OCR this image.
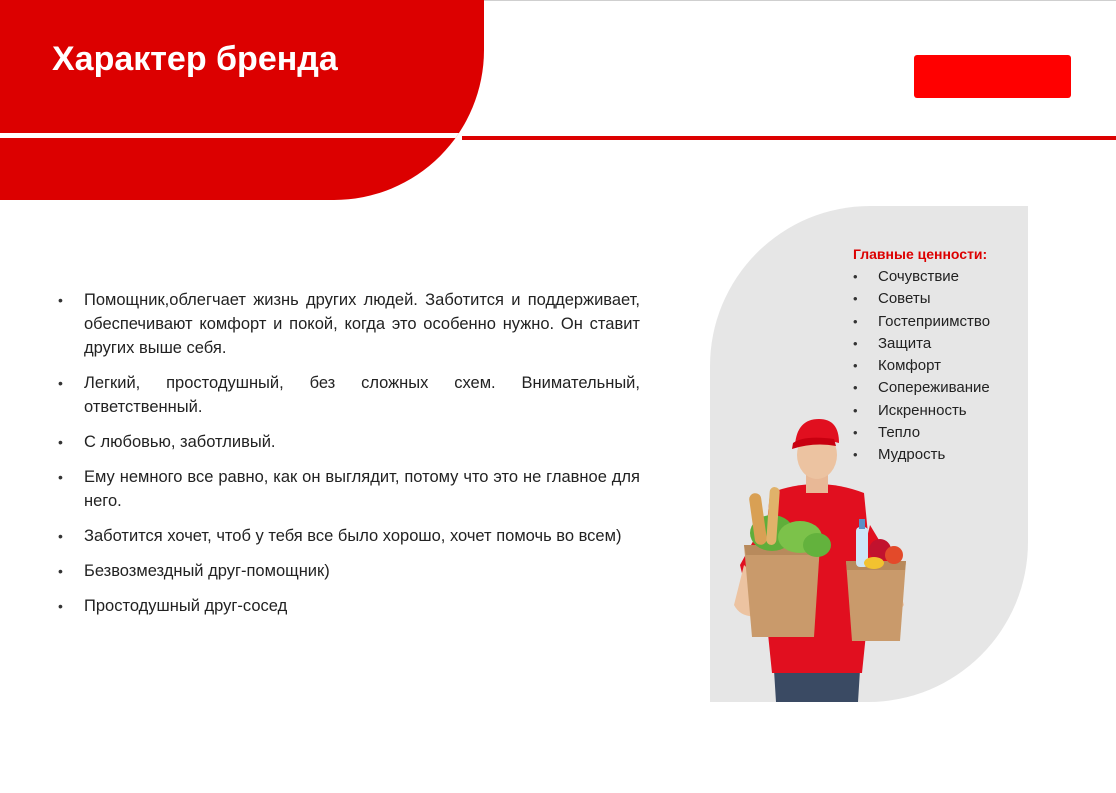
Характер бренда
• Помощник,облегчает жизнь других людей. Заботится и поддерживает, обеспечивают комфорт и покой, когда это особенно нужно. Он ставит других выше себя.
• Легкий, простодушный, без сложных схем. Внимательный, ответственный.
• С любовью, заботливый.
• Ему немного все равно, как он выглядит, потому что это не главное для него.
• Заботится хочет, чтоб у тебя все было хорошо, хочет помочь во всем)
• Безвозмездный друг-помощник)
• Простодушный друг-сосед

Главные ценности:

• Сочувствие
• Советы
• Гостеприимство
• Защита
• Комфорт
• Сопереживание
• Искренность
• Тепло
• Мудрость
